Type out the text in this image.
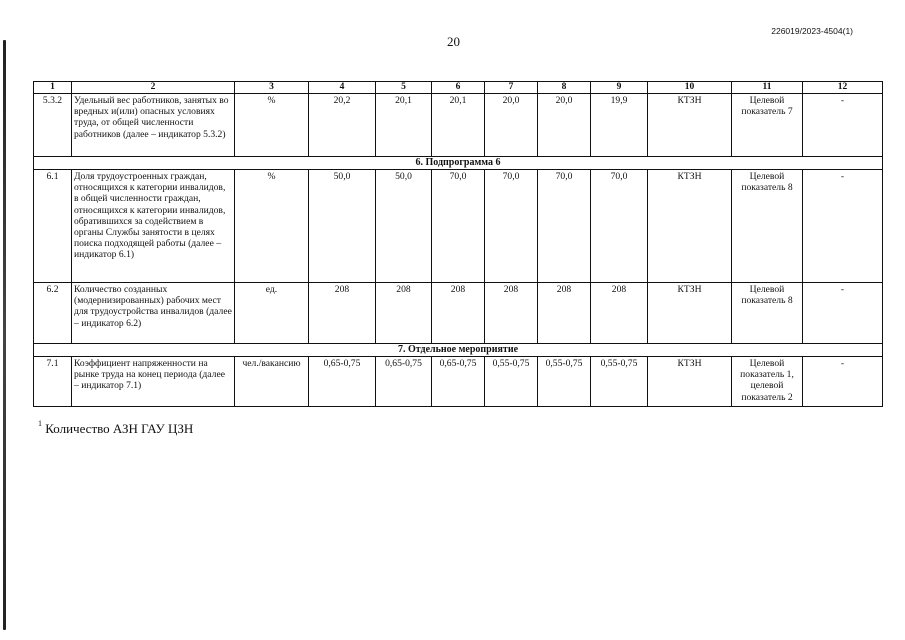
226019/2023-4504(1)
20
1	2	3	4	5	6	7	8	9	10	11	12
5.3.2	Удельный вес работников, занятых во вредных и(или) опасных условиях труда, от общей численности работников (далее – индикатор 5.3.2)	%	20,2	20,1	20,1	20,0	20,0	19,9	КТЗН	Целевой показатель 7	-
6. Подпрограмма 6											
6.1	Доля трудоустроенных граждан, относящихся к категории инвалидов, в общей численности граждан, относящихся к категории инвалидов, обратившихся за содействием в органы Службы занятости в целях поиска подходящей работы (далее – индикатор 6.1)	%	50,0	50,0	70,0	70,0	70,0	70,0	КТЗН	Целевой показатель 8	-
6.2	Количество созданных (модернизированных) рабочих мест для трудоустройства инвалидов (далее – индикатор 6.2)	ед.	208	208	208	208	208	208	КТЗН	Целевой показатель 8	-
7. Отдельное мероприятие											
7.1	Коэффициент напряженности на рынке труда на конец периода (далее – индикатор 7.1)	чел./вакансию	0,65-0,75	0,65-0,75	0,65-0,75	0,55-0,75	0,55-0,75	0,55-0,75	КТЗН	Целевой показатель 1, целевой показатель 2	-
$^1$ Количество АЗН ГАУ ЦЗН
